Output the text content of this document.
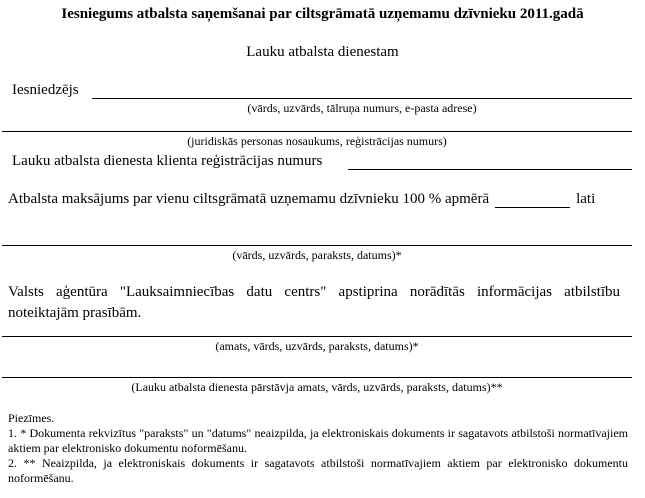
Iesniegums atbalsta saņemšanai par ciltsgrāmatā uzņemamu dzīvnieku 2011.gadā
Lauku atbalsta dienestam
Iesniedzējs
(vārds, uzvārds, tālruņa numurs, e-pasta adrese)
(juridiskās personas nosaukums, reģistrācijas numurs)
Lauku atbalsta dienesta klienta reģistrācijas numurs
Atbalsta maksājums par vienu ciltsgrāmatā uzņemamu dzīvnieku 100 % apmērā	lati
(vārds, uzvārds, paraksts, datums)*
Valsts aģentūra "Lauksaimniecības datu centrs" apstiprina norādītās informācijas atbilstību noteiktajām prasībām.
(amats, vārds, uzvārds, paraksts, datums)*
(Lauku atbalsta dienesta pārstāvja amats, vārds, uzvārds, paraksts, datums)**
Piezīmes.
1. * Dokumenta rekvizītus "paraksts" un "datums" neaizpilda, ja elektroniskais dokuments ir sagatavots atbilstoši normatīvajiem aktiem par elektronisko dokumentu noformēšanu.
2. ** Neaizpilda, ja elektroniskais dokuments ir sagatavots atbilstoši normatīvajiem aktiem par elektronisko dokumentu noformēšanu.
